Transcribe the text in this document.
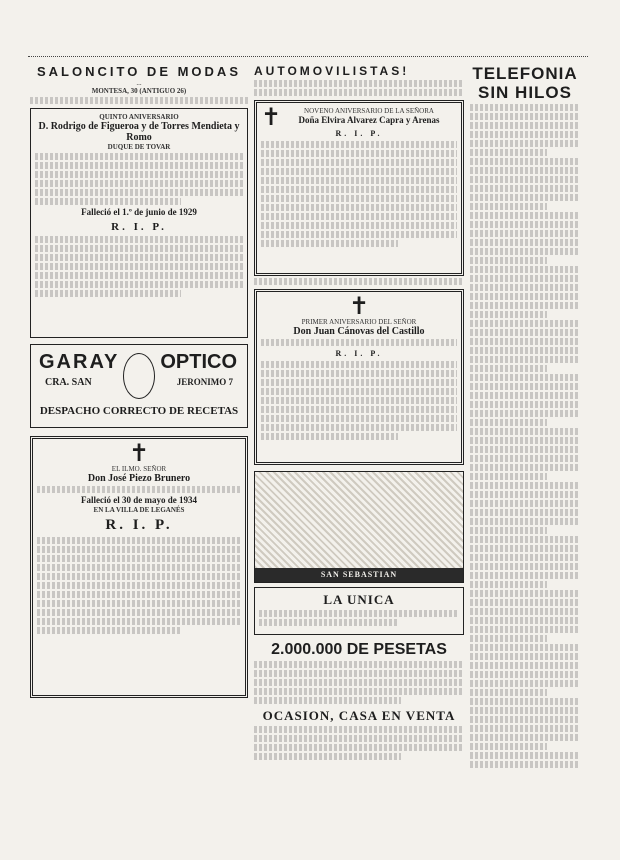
SALONCITO DE MODAS
...
MONTESA, 30 (ANTIGUO 26)
QUINTO ANIVERSARIO
D. Rodrigo de Figueroa y de Torres Mendieta y Romo
DUQUE DE TOVAR
Falleció el 1.º de junio de 1929
R. I. P.
GARAY OPTICO
CRA. SAN	JERONIMO 7
DESPACHO CORRECTO DE RECETAS
✝
EL ILMO. SEÑOR
Don José Piezo Brunero
Falleció el 30 de mayo de 1934
EN LA VILLA DE LEGANÉS
R. I. P.
AUTOMOVILISTAS!
✝	NOVENO ANIVERSARIO DE LA SEÑORA
Doña Elvira Alvarez Capra y Arenas
R. I. P.
✝
PRIMER ANIVERSARIO DEL SEÑOR
Don Juan Cánovas del Castillo
R. I. P.
SAN SEBASTIAN
LA UNICA
2.000.000 DE PESETAS
OCASION, CASA EN VENTA
TELEFONIA
SIN HILOS
